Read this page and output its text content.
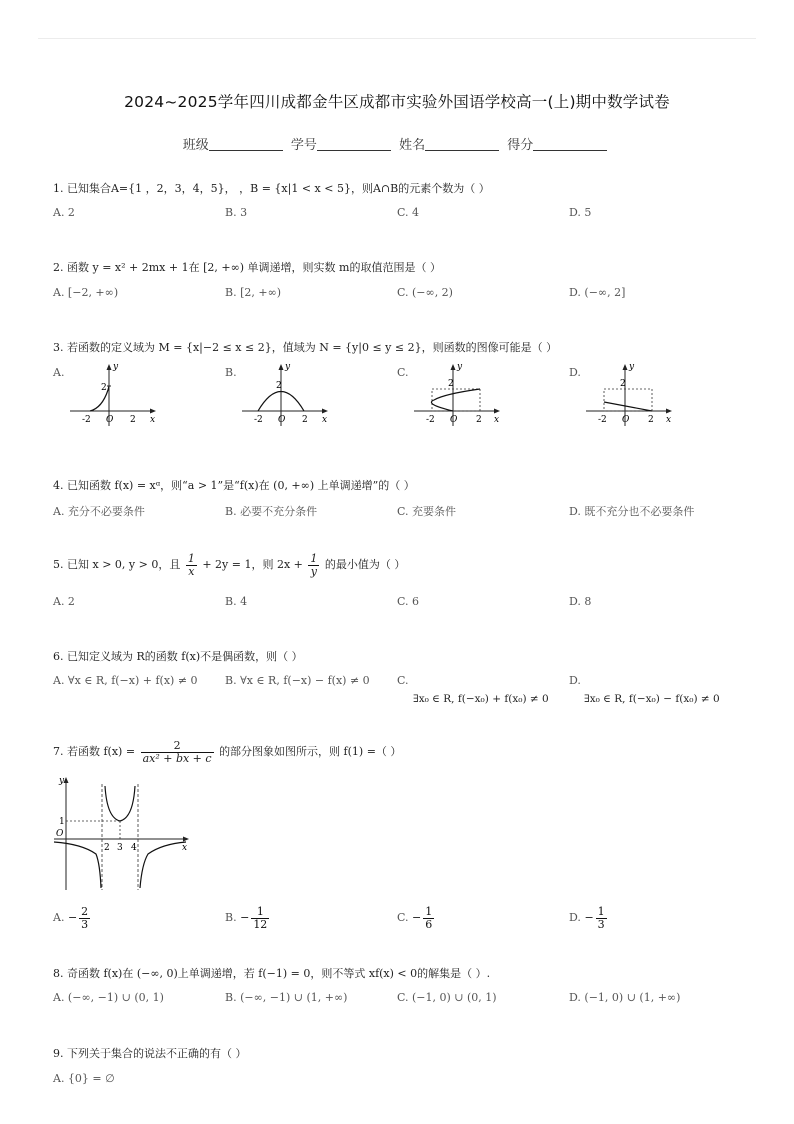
2024~2025学年四川成都金牛区成都市实验外国语学校高一(上)期中数学试卷
班级	学号	姓名	得分
1. 已知集合A={1 ，2，3，4，5}， ，B = {x|1 < x < 5}，则A∩B的元素个数为（ ）
A. 2	B. 3	C. 4	D. 5
2. 函数 y = x² + 2mx + 1在 [2, +∞) 单调递增，则实数 m的取值范围是（ ）
A. [−2, +∞)	B. [2, +∞)	C. (−∞, 2)	D. (−∞, 2]
3. 若函数的定义域为 M = {x|−2 ≤ x ≤ 2}，值域为 N = {y|0 ≤ y ≤ 2}，则函数的图像可能是（ ）
A.	B.	C.	D.
y
x
2
-2 O 2
y
x
2
-2 O 2
y
x
2
-2 O 2
y
x
2
-2 O 2
4. 已知函数 f(x) = xᵅ，则“a > 1”是“f(x)在 (0, +∞) 上单调递增”的（ ）
A. 充分不必要条件	B. 必要不充分条件	C. 充要条件	D. 既不充分也不必要条件
5. 已知 x > 0, y > 0，且 $\frac{1}{x} + 2y = 1$，则 $2x + \frac{1}{y}$ 的最小值为（ ）
A. 2	B. 4	C. 6	D. 8
6. 已知定义域为 R的函数 f(x)不是偶函数，则（ ）
A. ∀x ∈ R, f(−x) + f(x) ≠ 0 B. ∀x ∈ R, f(−x) − f(x) ≠ 0 C.	D.
∃x₀ ∈ R, f(−x₀) + f(x₀) ≠ 0	∃x₀ ∈ R, f(−x₀) − f(x₀) ≠ 0
7. 若函数 $f(x) = \frac{2}{\text{ax² + bx + c}}$ 的部分图象如图所示，则 f(1) =（ ）
y
x
O
1
2 3 4
A. − $\frac{2}{3}$	B. − $\frac{1}{12}$	C. − $\frac{1}{6}$	D. − $\frac{1}{3}$
8. 奇函数 f(x)在 (−∞, 0)上单调递增，若 f(−1) = 0，则不等式 xf(x) < 0的解集是（ ）.
A. (−∞, −1) ∪ (0, 1)	B. (−∞, −1) ∪ (1, +∞)	C. (−1, 0) ∪ (0, 1)	D. (−1, 0) ∪ (1, +∞)
9. 下列关于集合的说法不正确的有（ ）
A. {0} = ∅
